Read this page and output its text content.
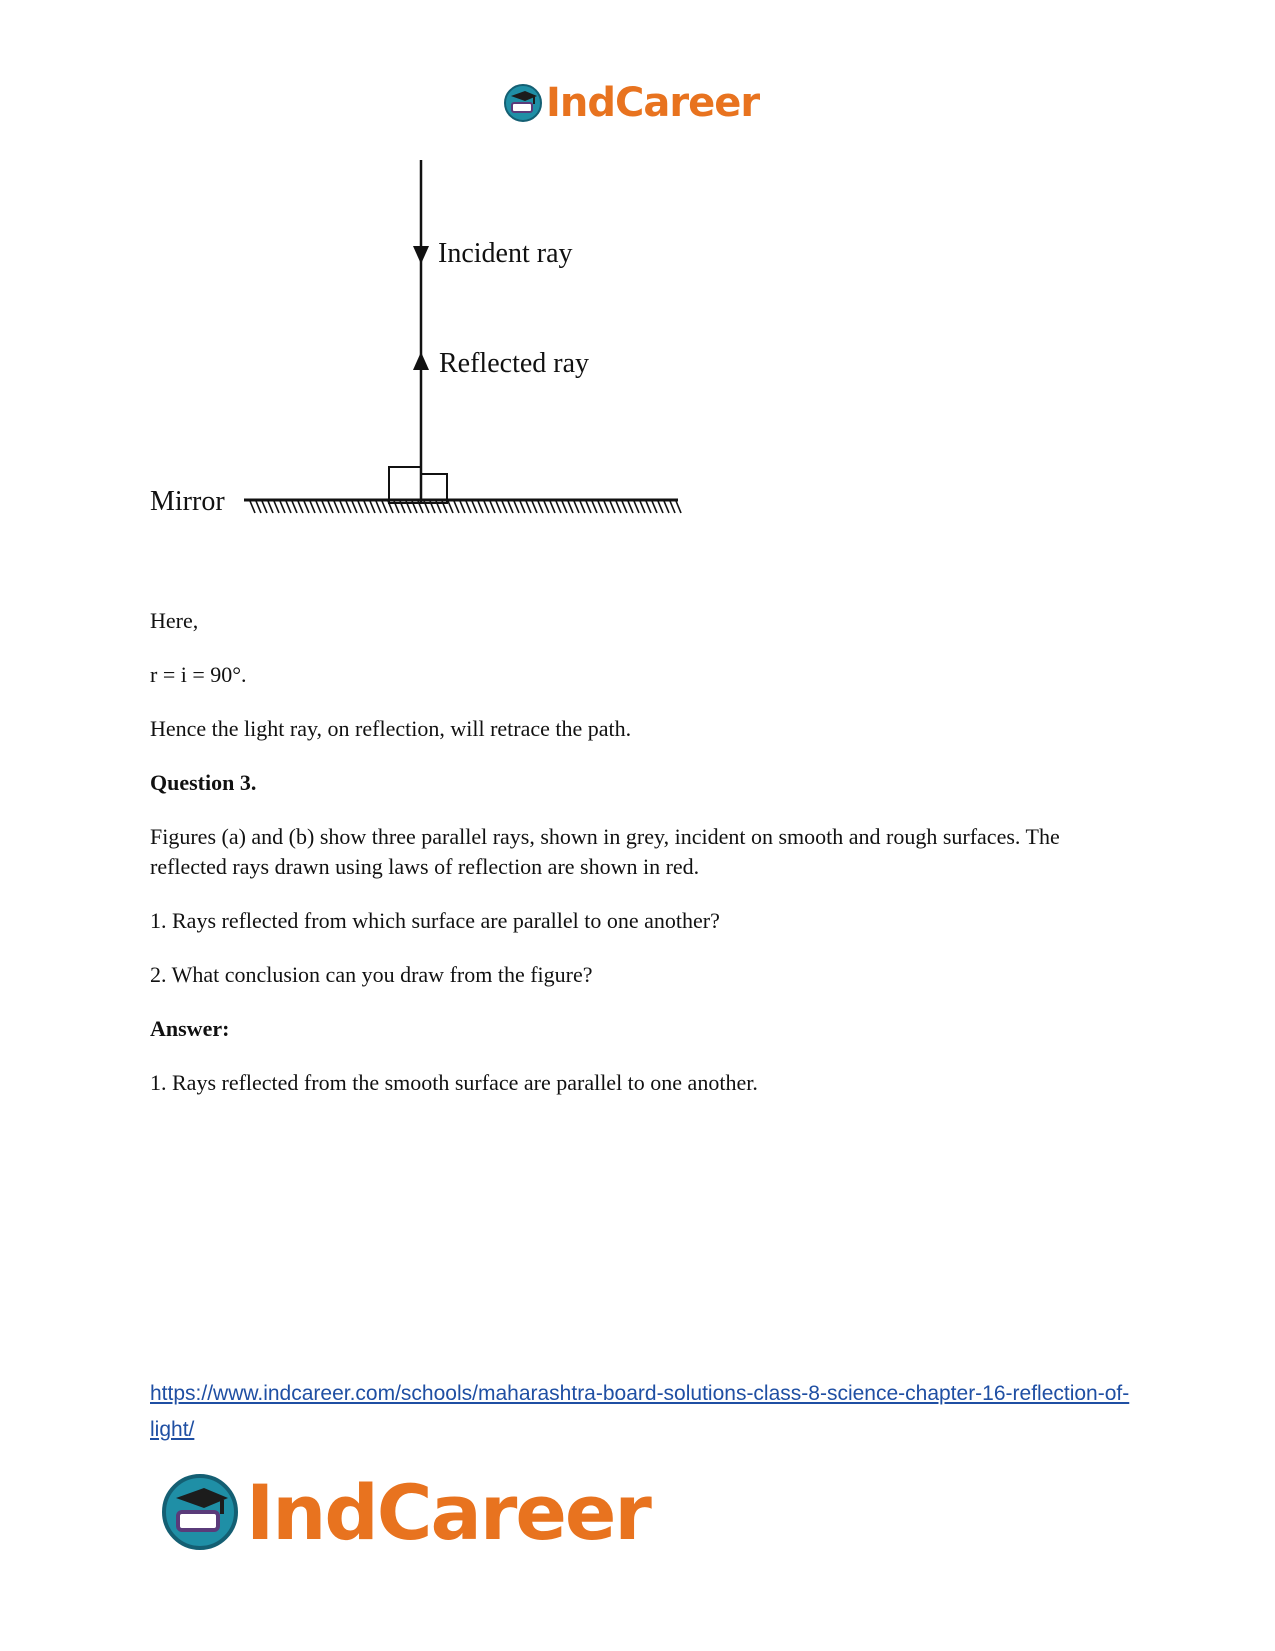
IndCareer
Incident ray
Reflected ray
Mirror

Here,

r = i = 90°.

Hence the light ray, on reflection, will retrace the path.

Question 3.

Figures (a) and (b) show three parallel rays, shown in grey, incident on smooth and rough surfaces. The reflected rays drawn using laws of reflection are shown in red.

1. Rays reflected from which surface are parallel to one another?

2. What conclusion can you draw from the figure?

Answer:

1. Rays reflected from the smooth surface are parallel to one another.

https://www.indcareer.com/schools/maharashtra-board-solutions-class-8-science-chapter-16-reflection-of-light/
IndCareer
